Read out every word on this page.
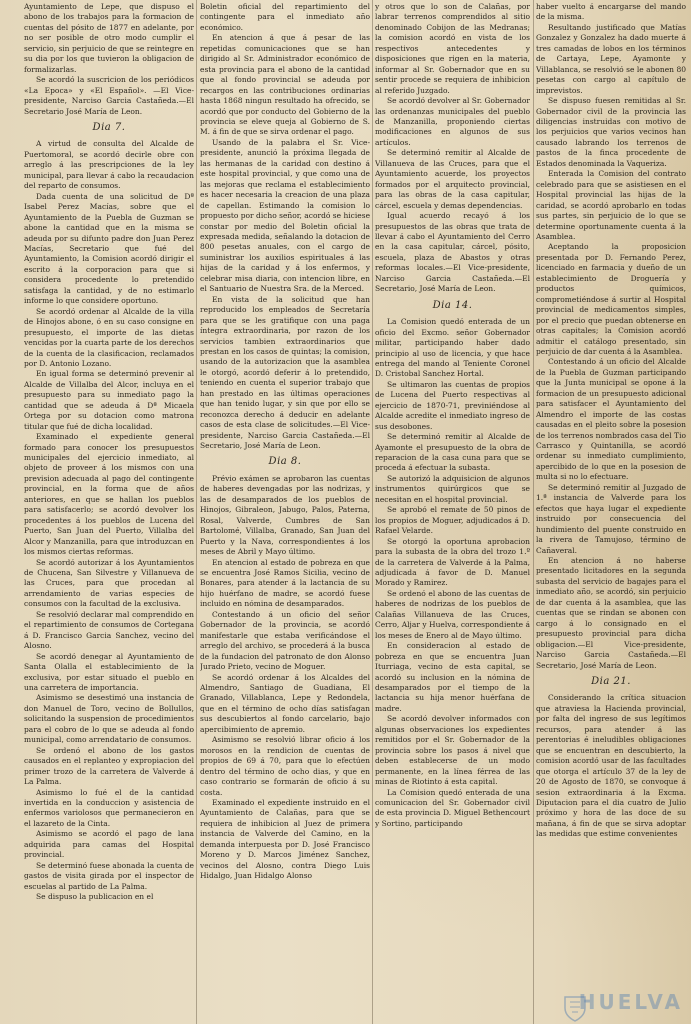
Ayuntamiento de Lepe, que dispuso el abono de los trabajos para la formacion de cuentas del pósito de 1877 en adelante, por no ser posible de otro modo cumplir el servicio, sin perjuicio de que se reintegre en su dia por los que tuvieron la obligacion de formalizarlas.

Se acordó la suscricion de los periódicos «La Epoca» y «El Español». —El Vice-presidente, Narciso Garcia Castañeda.—El Secretario José María de Leon.

Dia 7.

A virtud de consulta del Alcalde de Puertomoral, se acordó decirle obre con arreglo á las prescripciones de la ley municipal, para llevar á cabo la recaudacion del reparto de consumos.

Dada cuenta de una solicitud de Dª Isabel Perez Macías, sobre que el Ayuntamiento de la Puebla de Guzman se abone la cantidad que en la misma se adeuda por su difunto padre don Juan Perez Macías, Secretario que fué del Ayuntamiento, la Comision acordó dirigir el escrito á la corporacion para que si considera procedente lo pretendido satisfaga la cantidad, y de no estimarlo informe lo que considere oportuno.

Se acordó ordenar al Alcalde de la villa de Hinojos abone, ó en su caso consigne en presupuesto, el importe de las dietas vencidas por la cuarta parte de los derechos de la cuenta de la clasificacion, reclamados por D. Antonio Lozano.

En igual forma se determinó prevenir al Alcalde de Villalba del Alcor, incluya en el presupuesto para su inmediato pago la cantidad que se adeuda á Dª Micaela Ortega por su dotacion como matrona titular que fué de dicha localidad.

Examinado el expediente general formado para conocer los presupuestos municipales del ejercicio inmediato, al objeto de proveer á los mismos con una prevision adecuada al pago del contingente provincial, en la forma que de años anteriores, en que se hallan los pueblos para satisfacerlo; se acordó devolver los procedentes á los pueblos de Lucena del Puerto, San Juan del Puerto, Villalba del Alcor y Manzanilla, para que introduzcan en los mismos ciertas reformas.

Se acordó autorizar á los Ayuntamientos de Chucena, San Silvestre y Villanueva de las Cruces, para que procedan al arrendamiento de varias especies de consumos con la facultad de la exclusiva.

Se resolvió declarar mal comprendido en el repartimiento de consumos de Cortegana á D. Francisco Garcia Sanchez, vecino del Alosno.

Se acordó denegar al Ayuntamiento de Santa Olalla el establecimiento de la exclusiva, por estar situado el pueblo en una carretera de importancia.

Asimismo se desestimó una instancia de don Manuel de Toro, vecino de Bollullos, solicitando la suspension de procedimientos para el cobro de lo que se adeuda al fondo municipal, como arrendatario de consumos.

Se ordenó el abono de los gastos causados en el replanteo y expropiacion del primer trozo de la carretera de Valverde á La Palma.

Asimismo lo fué el de la cantidad invertida en la conduccion y asistencia de enfermos variolosos que permanecieron en el lazareto de la Cinta.

Asimismo se acordó el pago de lana adquirida para camas del Hospital provincial.

Se determinó fuese abonada la cuenta de gastos de visita girada por el inspector de escuelas al partido de La Palma.

Se dispuso la publicacion en el

Boletin oficial del repartimiento del contingente para el inmediato año económico.

En atencion á que á pesar de las repetidas comunicaciones que se han dirigido al Sr. Administrador económico de esta provincia para el abono de la cantidad que al fondo provincial se adeuda por recargos en las contribuciones ordinarias hasta 1868 ningun resultado ha ofrecido, se acordó que por conducto del Gobierno de la provincia se eleve queja al Gobierno de S. M. á fin de que se sirva ordenar el pago.

Usando de la palabra el Sr. Vice-presidente, anunció la próxima llegada de las hermanas de la caridad con destino á este hospital provincial, y que como una de las mejoras que reclama el establecimiento es hacer necesaria la creacion de una plaza de capellan. Estimando la comision lo propuesto por dicho señor, acordó se hiciese constar por medio del Boletin oficial la expresada medida, señalando la dotacion de 800 pesetas anuales, con el cargo de suministrar los auxilios espirituales á las hijas de la caridad y á los enfermos, y celebrar misa diaria, con intencion libre, en el Santuario de Nuestra Sra. de la Merced.

En vista de la solicitud que han reproducido los empleados de Secretaría para que se les gratifique con una paga íntegra extraordinaria, por razon de los servicios tambien extraordinarios que prestan en los casos de quintas; la comision, usando de la autorizacion que la asamblea le otorgó, acordó deferir á lo pretendido, teniendo en cuenta el superior trabajo que han prestado en las últimas operaciones que han tenido lugar, y sin que por ello se reconozca derecho á deducir en adelante casos de esta clase de solicitudes.—El Vice-presidente, Narciso Garcia Castañeda.—El Secretario, José María de Leon.

Dia 8.

Prévio exámen se aprobaron las cuentas de haberes devengadas por las nodrizas, y las de desamparados de los pueblos de Hinojos, Gibraleon, Jabugo, Palos, Paterna, Rosal, Valverde, Cumbres de San Bartolomé, Villalba, Granado, San Juan del Puerto y la Nava, correspondientes á los meses de Abril y Mayo último.

En atencion al estado de pobreza en que se encuentra José Ramos Sicilia, vecino de Bonares, para atender á la lactancia de su hijo huérfano de madre, se acordó fuese incluido en nómina de desamparados.

Contestando á un oficio del señor Gobernador de la provincia, se acordó manifestarle que estaba verificándose el arreglo del archivo, se procederá á la busca de la fundacion del patronato de don Alonso Jurado Prieto, vecino de Moguer.

Se acordó ordenar á los Alcaldes del Almendro, Santiago de Guadiana, El Granado, Villablanca, Lepe y Redondela, que en el término de ocho días satisfagan sus descubiertos al fondo carcelario, bajo apercibimiento de apremio.

Asimismo se resolvió librar oficio á los morosos en la rendicion de cuentas de propios de 69 á 70, para que lo efectúen dentro del término de ocho dias, y que en caso contrario se formarán de oficio á su costa.

Examinado el expediente instruido en el Ayuntamiento de Calañas, para que se requiera de inhibicion al Juez de primera instancia de Valverde del Camino, en la demanda interpuesta por D. José Francisco Moreno y D. Marcos Jiménez Sanchez, vecinos del Alosno, contra Diego Luis Hidalgo, Juan Hidalgo Alonso

y otros que lo son de Calañas, por labrar terrenos comprendidos al sitio denominado Cobijon de las Medranas; la comision acordó en vista de los respectivos antecedentes y disposiciones que rigen en la materia, informar al Sr. Gobernador que en su sentir procede se requiera de inhibicion al referido Juzgado.

Se acordó devolver al Sr. Gobernador las ordenanzas municipales del pueblo de Manzanilla, proponiendo ciertas modificaciones en algunos de sus artículos.

Se determinó remitir al Alcalde de Villanueva de las Cruces, para que el Ayuntamiento acuerde, los proyectos formados por el arquitecto provincial, para las obras de la casa capitular, cárcel, escuela y demas dependencias.

Igual acuerdo recayó á los presupuestos de las obras que trata de llevar á cabo el Ayuntamiento del Cerro en la casa capitular, cárcel, pósito, escuela, plaza de Abastos y otras reformas locales.—El Vice-presidente, Narciso Garcia Castañeda.—El Secretario, José María de Leon.

Dia 14.

La Comision quedó enterada de un oficio del Excmo. señor Gobernador militar, participando haber dado principio al uso de licencia, y que hace entrega del mando al Teniente Coronel D. Cristobal Sanchez Hortal.

Se ultimaron las cuentas de propios de Lucena del Puerto respectivas al ejercicio de 1870-71, previniéndose al Alcalde acredite el inmediato ingreso de sus desobones.

Se determinó remitir al Alcalde de Ayamonte el presupuesto de la obra de reparacion de la casa cuna para que se proceda á efectuar la subasta.

Se autorizó la adquisicion de algunos instrumentos quirúrgicos que se necesitan en el hospital provincial.

Se aprobó el remate de 50 pinos de los propios de Moguer, adjudicados á D. Rafael Velarde.

Se otorgó la oportuna aprobacion para la subasta de la obra del trozo 1.º de la carretera de Valverde á la Palma, adjudicada á favor de D. Manuel Morado y Ramirez.

Se ordenó el abono de las cuentas de haberes de nodrizas de los pueblos de Calañas Villanueva de las Cruces, Cerro, Aljar y Huelva, correspondiente á los meses de Enero al de Mayo último.

En consideracion al estado de pobreza en que se encuentra Juan Iturriaga, vecino de esta capital, se acordó su inclusion en la nómina de desamparados por el tiempo de la lactancia su hija menor huérfana de madre.

Se acordó devolver informados con algunas observaciones los expedientes remitidos por el Sr. Gobernador de la provincia sobre los pasos á nivel que deben establecerse de un modo permanente, en la línea férrea de las minas de Riotinto á esta capital.

La Comision quedó enterada de una comunicacion del Sr. Gobernador civil de esta provincia D. Miguel Bethencourt y Sortino, participando

haber vuelto á encargarse del mando de la misma.

Resultando justificado que Matías Gonzalez y Gonzalez ha dado muerte á tres camadas de lobos en los términos de Cartaya, Lepe, Ayamonte y Villablanca, se resolvió se le abonen 80 pesetas con cargo al capítulo de imprevistos.

Se dispuso fuesen remitidas al Sr. Gobernador civil de la provincia las diligencias instruidas con motivo de los perjuicios que varios vecinos han causado labrando los terrenos de pastos de la finca procedente de Estados denominada la Vaqueriza.

Enterada la Comision del contrato celebrado para que se asistiesen en el Hospital provincial las hijas de la caridad, se acordó aprobarlo en todas sus partes, sin perjuicio de lo que se determine oportunamente cuenta á la Asamblea.

Aceptando la proposicion presentada por D. Fernando Perez, licenciado en farmacia y dueño de un establecimiento de Droguería y productos químicos, comprometiéndose á surtir al Hospital provincial de medicamentos simples, por el precio que puedan obtenerse en otras capitales; la Comision acordó admitir el catálogo presentado, sin perjuicio de dar cuenta á la Asamblea.

Contestando á un oficio del Alcalde de la Puebla de Guzman participando que la Junta municipal se opone á la formacion de un presupuesto adicional para satisfacer el Ayuntamiento del Almendro el importe de las costas causadas en el pleito sobre la posesion de los terrenos nombrados casa del Tio Carrasco y Quintanilla, se acordó ordenar su inmediato cumplimiento, apercibido de lo que en la posesion de multa si no lo efectuare.

Se determinó remitir al Juzgado de 1.ª instancia de Valverde para los efectos que haya lugar el expediente instruido por consecuencia del hundimiento del puente construido en la rivera de Tamujoso, término de Cañaveral.

En atencion á no haberse presentado licitadores en la segunda subasta del servicio de bagajes para el inmediato año, se acordó, sin perjuicio de dar cuenta á la asamblea, que las cuentas que se rindan se abonen con cargo á lo consignado en el presupuesto provincial para dicha obligacion.—El Vice-presidente, Narciso Garcia Castañeda.—El Secretario, José María de Leon.

Dia 21.

Considerando la crítica situacion que atraviesa la Hacienda provincial, por falta del ingreso de sus legítimos recursos, para atender á las perentorias é ineludibles obligaciones que se encuentran en descubierto, la comision acordó usar de las facultades que otorga el artículo 37 de la ley de 20 de Agosto de 1870, se convoque á sesion extraordinaria á la Excma. Diputacion para el dia cuatro de Julio próximo y hora de las doce de su mañana, á fin de que se sirva adoptar las medidas que estime convenientes

HUELVA
